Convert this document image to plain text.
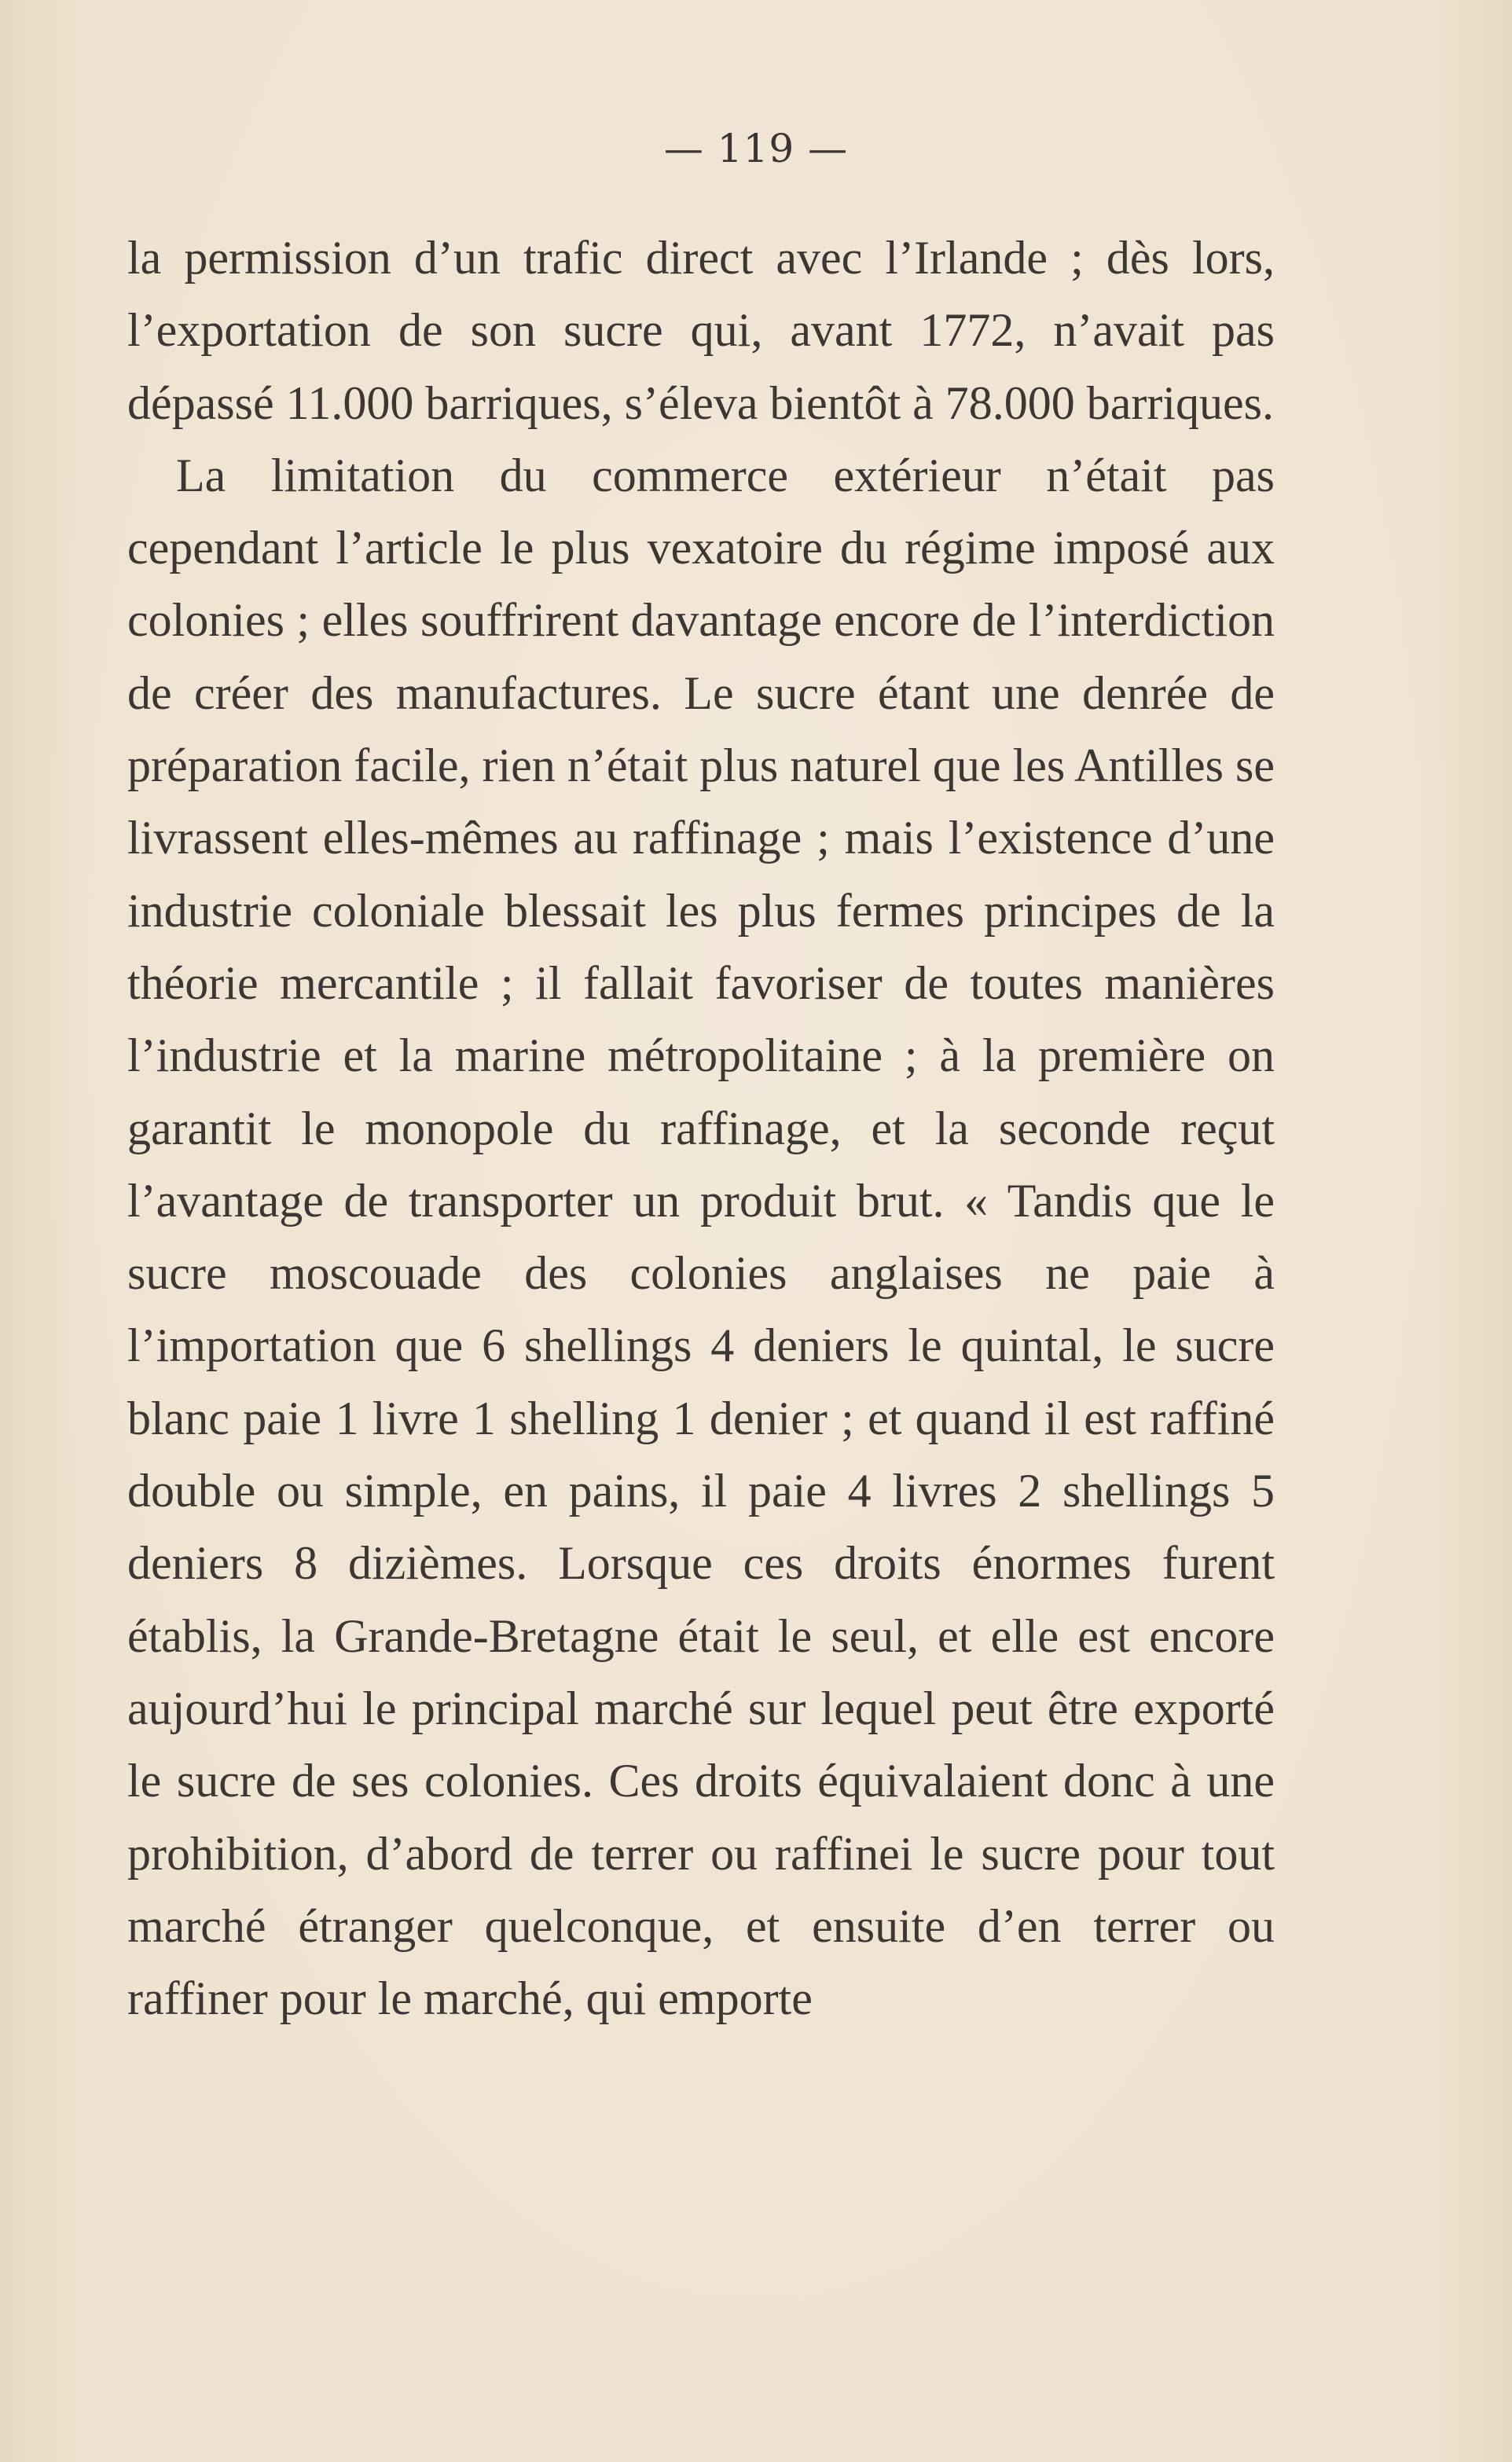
— 119 —

la permission d’un trafic direct avec l’Irlande ; dès lors, l’exportation de son sucre qui, avant 1772, n’avait pas dépassé 11.000 barriques, s’éleva bientôt à 78.000 barriques.

La limitation du commerce extérieur n’était pas cependant l’article le plus vexatoire du régime imposé aux colonies ; elles souffrirent davantage encore de l’interdiction de créer des manufactures. Le sucre étant une denrée de préparation facile, rien n’était plus naturel que les Antilles se livrassent elles-mêmes au raffinage ; mais l’existence d’une industrie coloniale blessait les plus fermes principes de la théorie mercantile ; il fallait favoriser de toutes manières l’industrie et la marine métropolitaine ; à la première on garantit le monopole du raffinage, et la seconde reçut l’avantage de transporter un produit brut. « Tandis que le sucre moscouade des colonies anglaises ne paie à l’importation que 6 shellings 4 deniers le quintal, le sucre blanc paie 1 livre 1 shelling 1 denier ; et quand il est raffiné double ou simple, en pains, il paie 4 livres 2 shellings 5 deniers 8 dizièmes. Lorsque ces droits énormes furent établis, la Grande-Bretagne était le seul, et elle est encore aujourd’hui le principal marché sur lequel peut être exporté le sucre de ses colonies. Ces droits équivalaient donc à une prohibition, d’abord de terrer ou raffinei le sucre pour tout marché étranger quelconque, et ensuite d’en terrer ou raffiner pour le marché, qui emporte
